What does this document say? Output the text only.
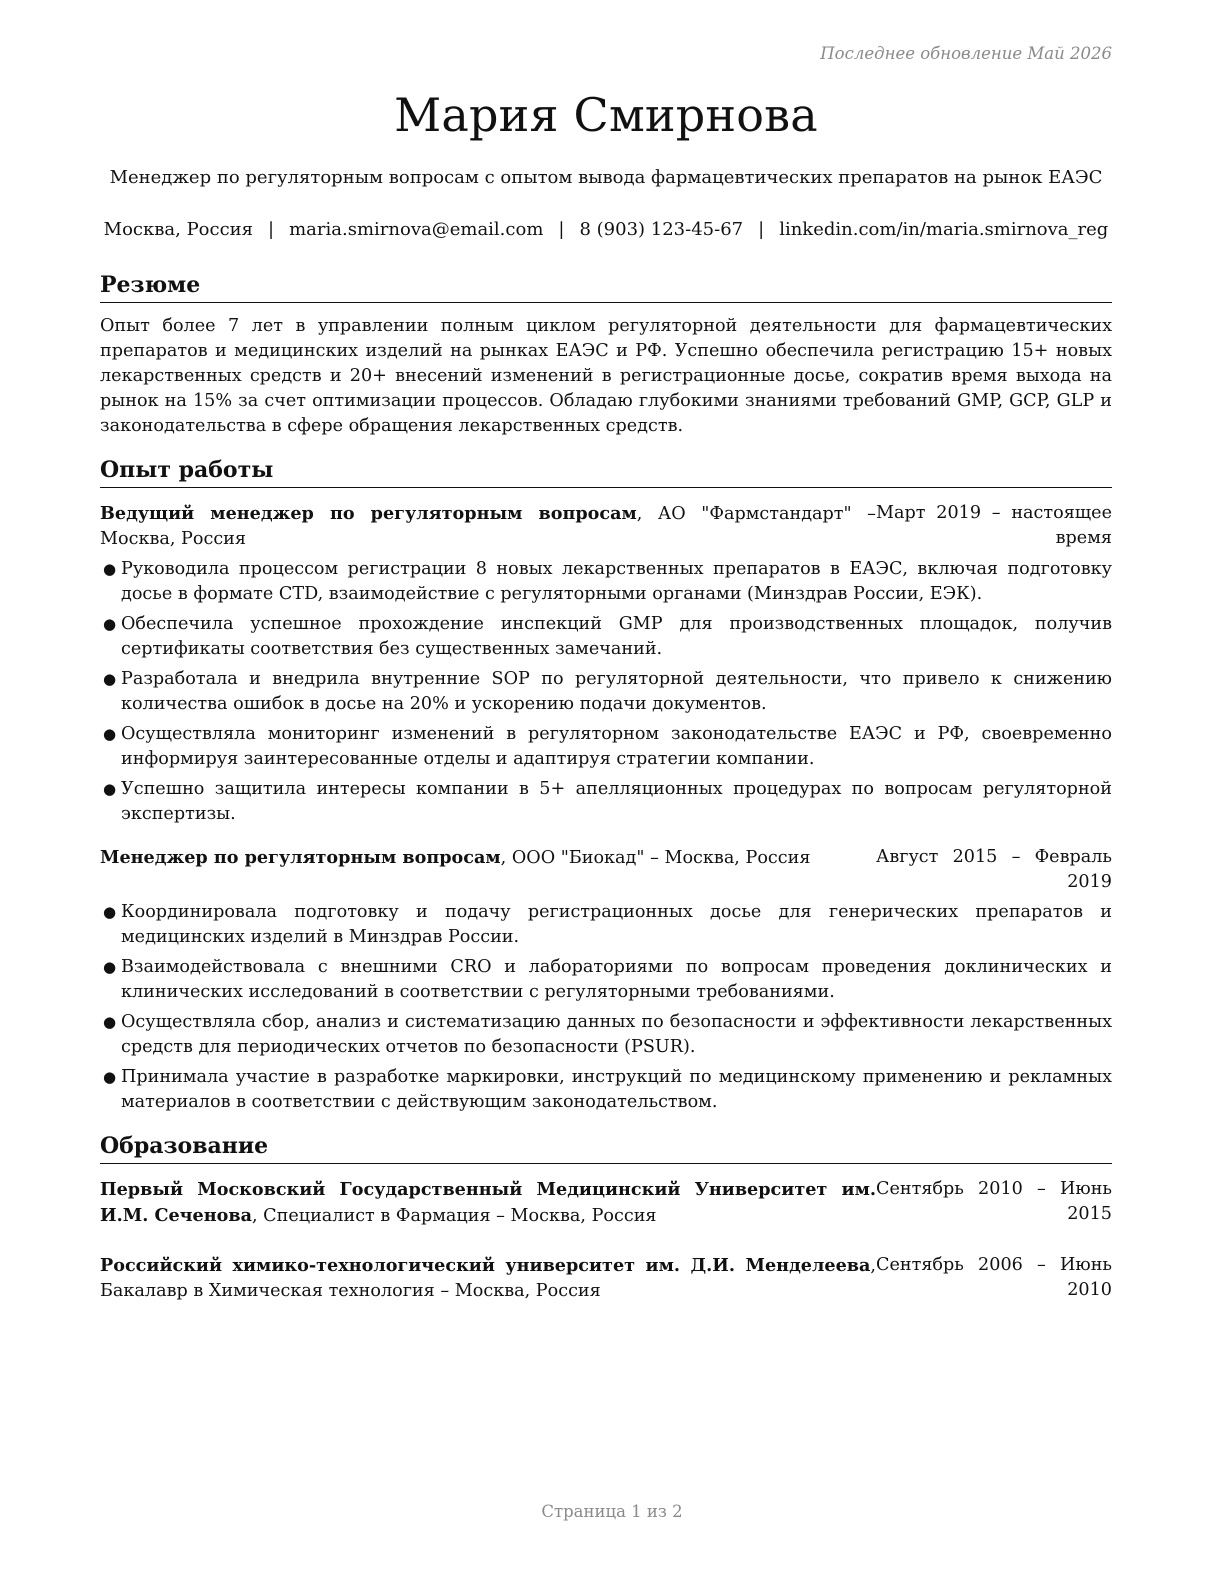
Последнее обновление Май 2026
Мария Смирнова
Менеджер по регуляторным вопросам с опытом вывода фармацевтических препаратов на рынок ЕАЭС
Москва, Россия | maria.smirnova@email.com | 8 (903) 123-45-67 | linkedin.com/in/maria.smirnova_reg
Резюме
Опыт более 7 лет в управлении полным циклом регуляторной деятельности для фармацевтических препаратов и медицинских изделий на рынках ЕАЭС и РФ. Успешно обеспечила регистрацию 15+ новых лекарственных средств и 20+ внесений изменений в регистрационные досье, сократив время выхода на рынок на 15% за счет оптимизации процессов. Обладаю глубокими знаниями требований GMP, GCP, GLP и законодательства в сфере обращения лекарственных средств.
Опыт работы
Ведущий менеджер по регуляторным вопросам, АО "Фармстандарт" – Москва, Россия
Март 2019 – настоящее время
● Руководила процессом регистрации 8 новых лекарственных препаратов в ЕАЭС, включая подготовку досье в формате CTD, взаимодействие с регуляторными органами (Минздрав России, ЕЭК).
● Обеспечила успешное прохождение инспекций GMP для производственных площадок, получив сертификаты соответствия без существенных замечаний.
● Разработала и внедрила внутренние SOP по регуляторной деятельности, что привело к снижению количества ошибок в досье на 20% и ускорению подачи документов.
● Осуществляла мониторинг изменений в регуляторном законодательстве ЕАЭС и РФ, своевременно информируя заинтересованные отделы и адаптируя стратегии компании.
● Успешно защитила интересы компании в 5+ апелляционных процедурах по вопросам регуляторной экспертизы.
Менеджер по регуляторным вопросам, ООО "Биокад" – Москва, Россия	Август 2015 – Февраль 2019
● Координировала подготовку и подачу регистрационных досье для генерических препаратов и медицинских изделий в Минздрав России.
● Взаимодействовала с внешними CRO и лабораториями по вопросам проведения доклинических и клинических исследований в соответствии с регуляторными требованиями.
● Осуществляла сбор, анализ и систематизацию данных по безопасности и эффективности лекарственных средств для периодических отчетов по безопасности (PSUR).
● Принимала участие в разработке маркировки, инструкций по медицинскому применению и рекламных материалов в соответствии с действующим законодательством.
Образование
Первый Московский Государственный Медицинский Университет им. И.М. Сеченова, Специалист в Фармация – Москва, Россия
Сентябрь 2010 – Июнь 2015
Российский химико-технологический университет им. Д.И. Менделеева, Бакалавр в Химическая технология – Москва, Россия
Сентябрь 2006 – Июнь 2010
Страница 1 из 2
